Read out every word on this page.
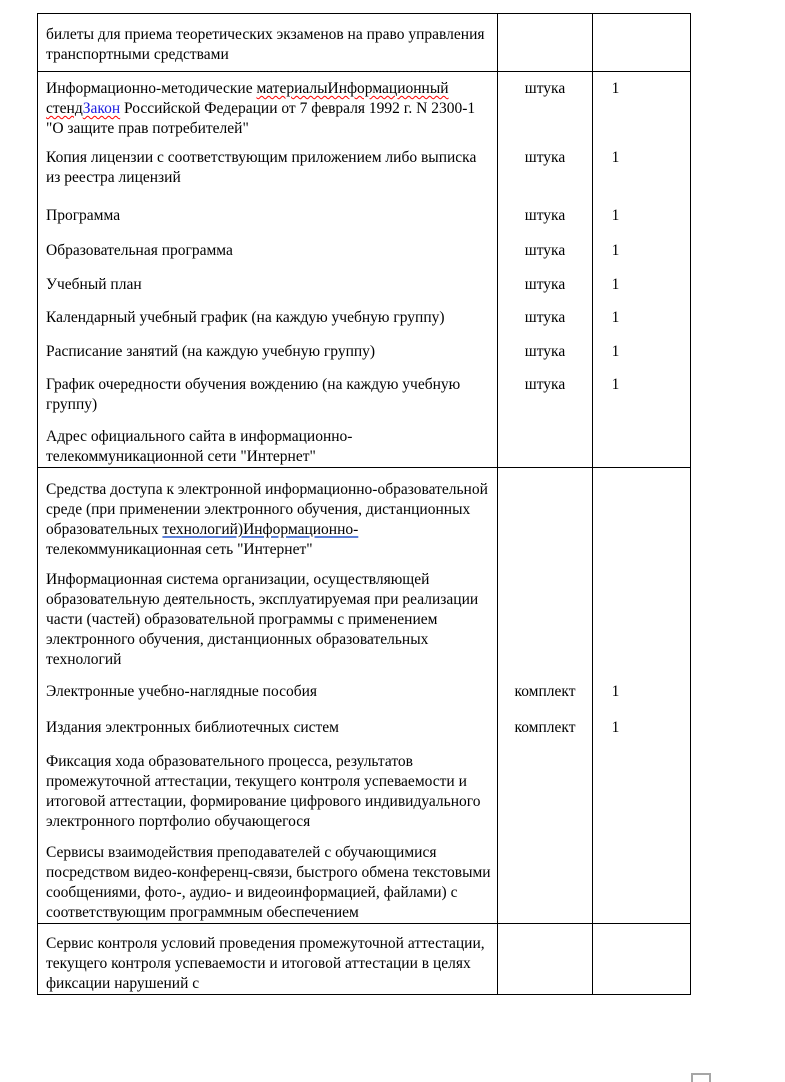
билеты для приема теоретических экзаменов на право управления транспортными средствами		
Информационно-методические материалыИнформационный стендЗакон Российской Федерации от 7 февраля 1992 г. N 2300-1 "О защите прав потребителей"	штука	1
Копия лицензии с соответствующим приложением либо выписка из реестра лицензий	штука	1
Программа	штука	1
Образовательная программа	штука	1
Учебный план	штука	1
Календарный учебный график (на каждую учебную группу)	штука	1
Расписание занятий (на каждую учебную группу)	штука	1
График очередности обучения вождению (на каждую учебную группу)	штука	1
Адрес официального сайта в информационно-телекоммуникационной сети "Интернет"		
Средства доступа к электронной информационно-образовательной среде (при применении электронного обучения, дистанционных образовательных технологий)Информационно-телекоммуникационная сеть "Интернет"		
Информационная система организации, осуществляющей образовательную деятельность, эксплуатируемая при реализации части (частей) образовательной программы с применением электронного обучения, дистанционных образовательных технологий		
Электронные учебно-наглядные пособия	комплект	1
Издания электронных библиотечных систем	комплект	1
Фиксация хода образовательного процесса, результатов промежуточной аттестации, текущего контроля успеваемости и итоговой аттестации, формирование цифрового индивидуального электронного портфолио обучающегося		
Сервисы взаимодействия преподавателей с обучающимися посредством видео-конференц-связи, быстрого обмена текстовыми сообщениями, фото-, аудио- и видеоинформацией, файлами) с соответствующим программным обеспечением		
Сервис контроля условий проведения промежуточной аттестации, текущего контроля успеваемости и итоговой аттестации в целях фиксации нарушений с		
